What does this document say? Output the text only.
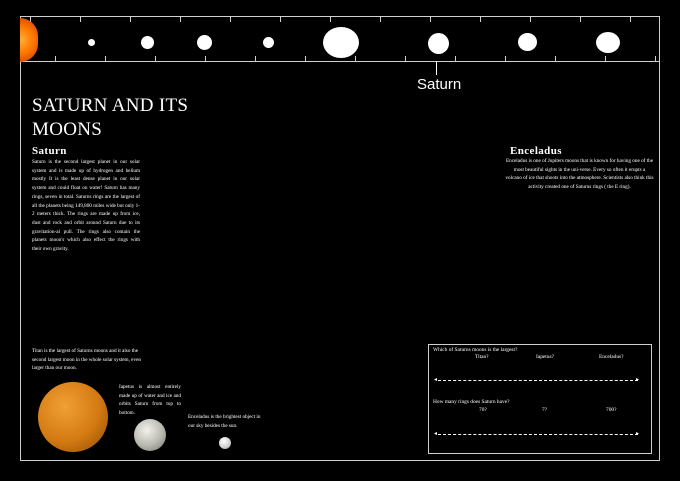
Saturn
SATURN AND ITS MOONS
Saturn
Saturn is the second largest planet in our solar system and is made up of hydrogen and helium mostly It is the least dense planet in our solar system and could float on water! Saturn has many rings, seven in total. Saturns rings are the largest of all the planets being 149,800 miles wide but only 1-2 meters thick. The rings are made up from ice, dust and rock and orbit around Saturn due to its gravitation-al pull. The rings also contain the planets moon's which also effect the rings with their own gravity.
Enceladus
Enceladus is one of Jupiters moons that is known for having one of the most beautiful sights in the uni-verse. Every so often it erupts a volcano of ice that shoots into the atmosphere. Scientists also think this activity created one of Saturns rings ( the E ring).
Titan is the largest of Saturns moons and it also the second largest moon in the whole solar system, even larger than our moon.
Iapetus is almost entirely made up of water and ice and orbits Saturn from top to bottom.
Enceladus is the brightest object in our sky besides the sun.
Which of Saturns moons is the largest?
Titan?	Iapetus?	Enceladus?
◂	▸
How many rings does Saturn have?
70?	7?	700?
◂	▸
